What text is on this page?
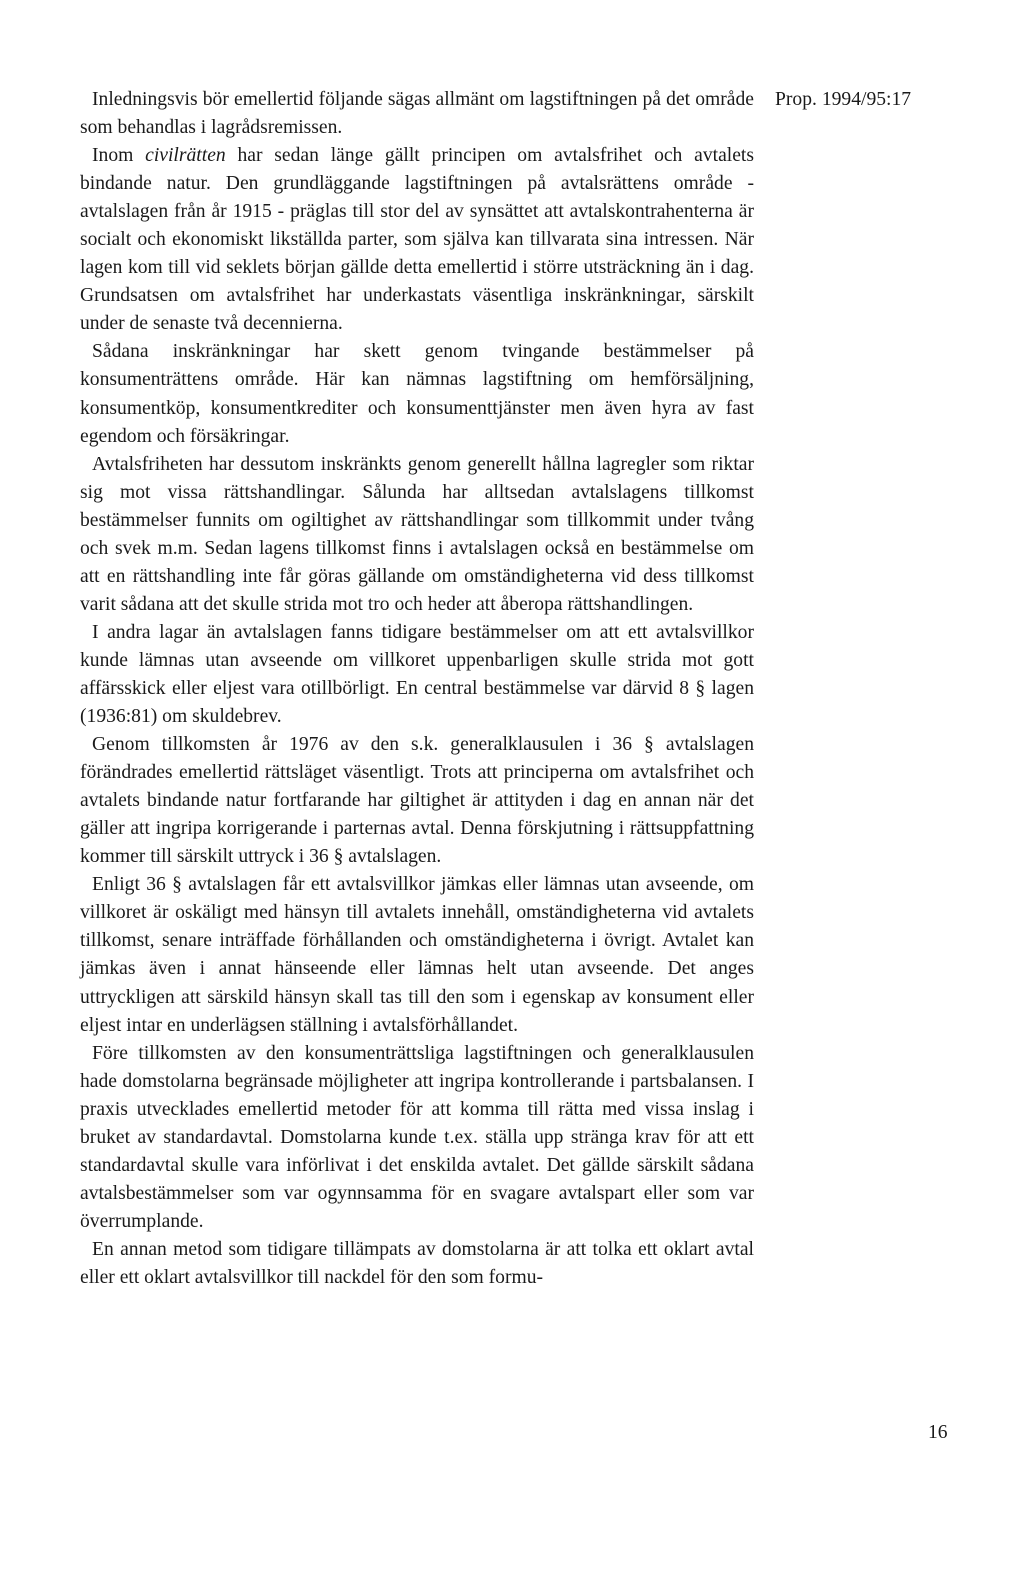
Prop. 1994/95:17

Inledningsvis bör emellertid följande sägas allmänt om lagstiftningen på det område som behandlas i lagrådsremissen.

Inom civilrätten har sedan länge gällt principen om avtalsfrihet och avtalets bindande natur. Den grundläggande lagstiftningen på avtalsrättens område - avtalslagen från år 1915 - präglas till stor del av synsättet att avtalskontrahenterna är socialt och ekonomiskt likställda parter, som själva kan tillvarata sina intressen. När lagen kom till vid seklets början gällde detta emellertid i större utsträckning än i dag. Grundsatsen om avtalsfrihet har underkastats väsentliga inskränkningar, särskilt under de senaste två decennierna.

Sådana inskränkningar har skett genom tvingande bestämmelser på konsumenträttens område. Här kan nämnas lagstiftning om hemförsäljning, konsumentköp, konsumentkrediter och konsumenttjänster men även hyra av fast egendom och försäkringar.

Avtalsfriheten har dessutom inskränkts genom generellt hållna lagregler som riktar sig mot vissa rättshandlingar. Sålunda har alltsedan avtalslagens tillkomst bestämmelser funnits om ogiltighet av rättshandlingar som tillkommit under tvång och svek m.m. Sedan lagens tillkomst finns i avtalslagen också en bestämmelse om att en rättshandling inte får göras gällande om omständigheterna vid dess tillkomst varit sådana att det skulle strida mot tro och heder att åberopa rättshandlingen.

I andra lagar än avtalslagen fanns tidigare bestämmelser om att ett avtalsvillkor kunde lämnas utan avseende om villkoret uppenbarligen skulle strida mot gott affärsskick eller eljest vara otillbörligt. En central bestämmelse var därvid 8 § lagen (1936:81) om skuldebrev.

Genom tillkomsten år 1976 av den s.k. generalklausulen i 36 § avtalslagen förändrades emellertid rättsläget väsentligt. Trots att principerna om avtalsfrihet och avtalets bindande natur fortfarande har giltighet är attityden i dag en annan när det gäller att ingripa korrigerande i parternas avtal. Denna förskjutning i rättsuppfattning kommer till särskilt uttryck i 36 § avtalslagen.

Enligt 36 § avtalslagen får ett avtalsvillkor jämkas eller lämnas utan avseende, om villkoret är oskäligt med hänsyn till avtalets innehåll, omständigheterna vid avtalets tillkomst, senare inträffade förhållanden och omständigheterna i övrigt. Avtalet kan jämkas även i annat hänseende eller lämnas helt utan avseende. Det anges uttryckligen att särskild hänsyn skall tas till den som i egenskap av konsument eller eljest intar en underlägsen ställning i avtalsförhållandet.

Före tillkomsten av den konsumenträttsliga lagstiftningen och generalklausulen hade domstolarna begränsade möjligheter att ingripa kontrollerande i partsbalansen. I praxis utvecklades emellertid metoder för att komma till rätta med vissa inslag i bruket av standardavtal. Domstolarna kunde t.ex. ställa upp stränga krav för att ett standardavtal skulle vara införlivat i det enskilda avtalet. Det gällde särskilt sådana avtalsbestämmelser som var ogynnsamma för en svagare avtalspart eller som var överrumplande.

En annan metod som tidigare tillämpats av domstolarna är att tolka ett oklart avtal eller ett oklart avtalsvillkor till nackdel för den som formu-

16
